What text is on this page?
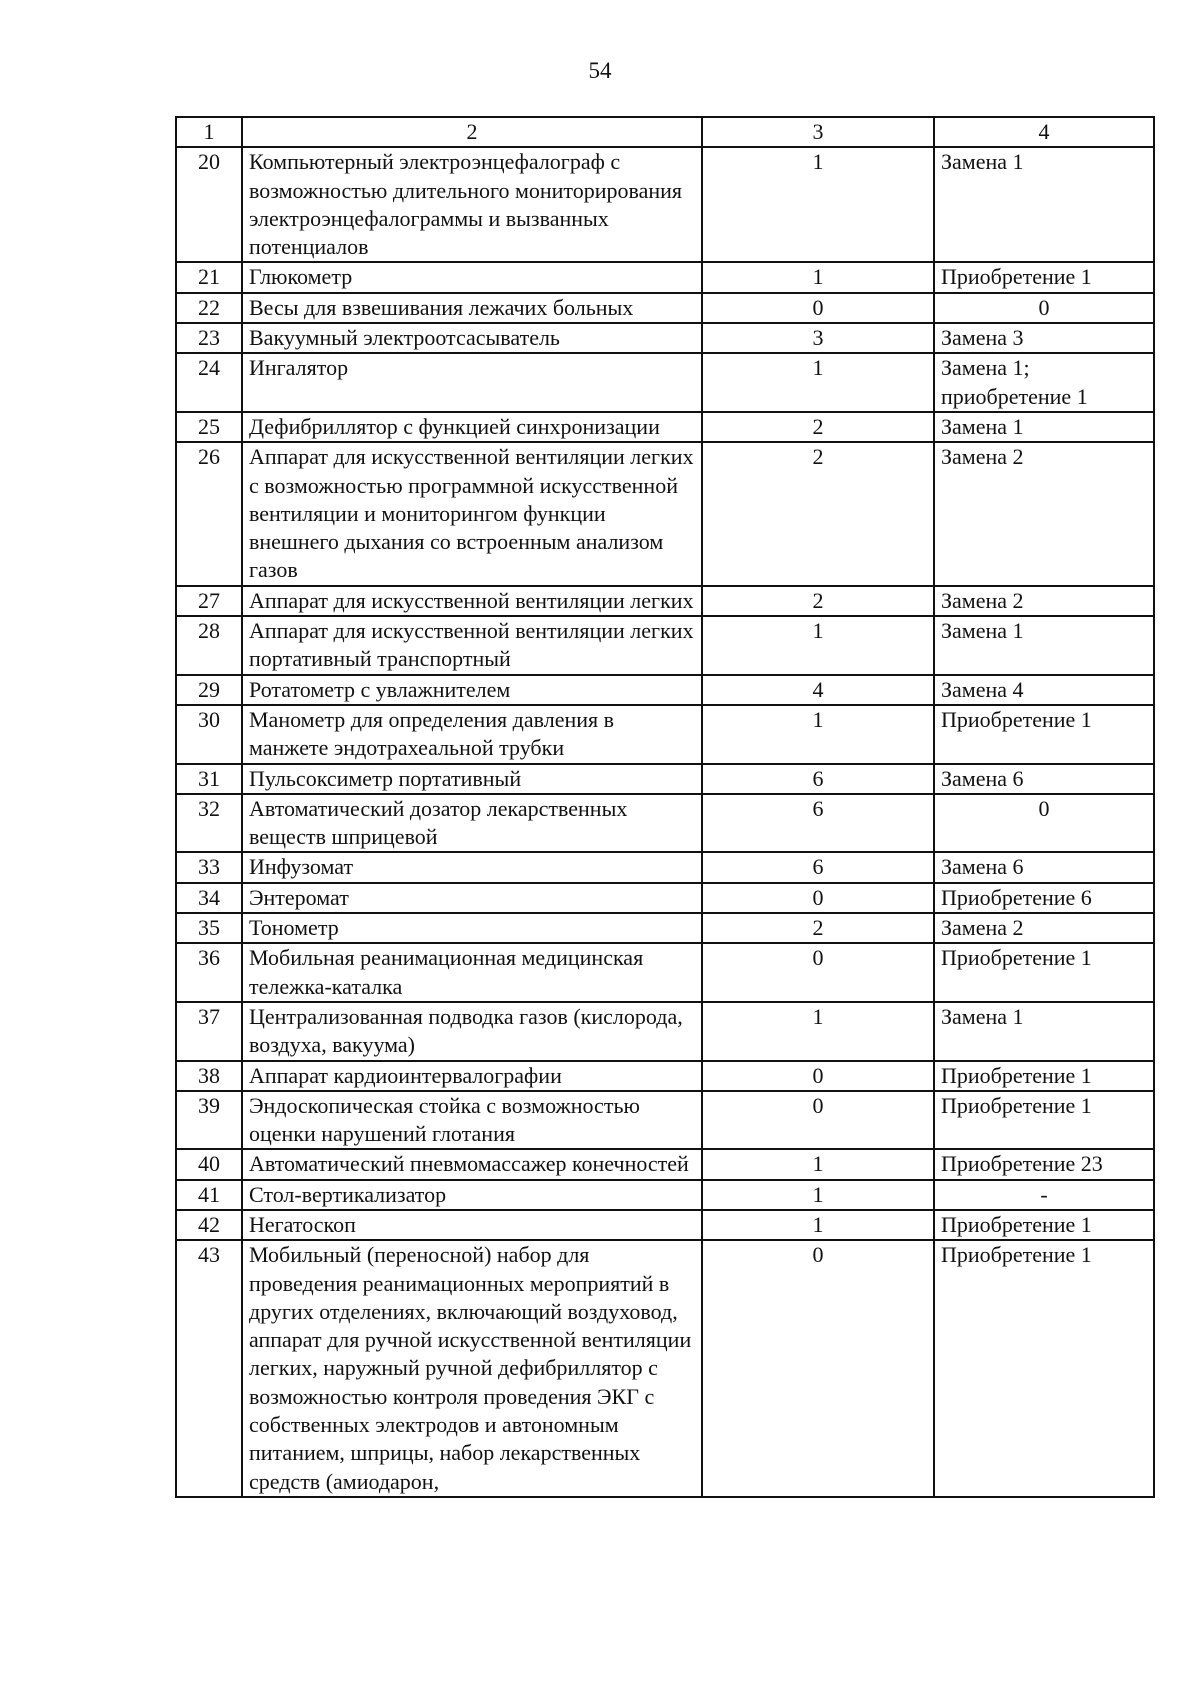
54
1	2	3	4
20	Компьютерный электроэнцефалограф с возможностью длительного мониторирования электроэнцефалограммы и вызванных потенциалов	1	Замена 1
21	Глюкометр	1	Приобретение 1
22	Весы для взвешивания лежачих больных	0	0
23	Вакуумный электроотсасыватель	3	Замена 3
24	Ингалятор	1	Замена 1; приобретение 1
25	Дефибриллятор с функцией синхронизации	2	Замена 1
26	Аппарат для искусственной вентиляции легких с возможностью программной искусственной вентиляции и мониторингом функции внешнего дыхания со встроенным анализом газов	2	Замена 2
27	Аппарат для искусственной вентиляции легких	2	Замена 2
28	Аппарат для искусственной вентиляции легких портативный транспортный	1	Замена 1
29	Ротатометр с увлажнителем	4	Замена 4
30	Манометр для определения давления в манжете эндотрахеальной трубки	1	Приобретение 1
31	Пульсоксиметр портативный	6	Замена 6
32	Автоматический дозатор лекарственных веществ шприцевой	6	0
33	Инфузомат	6	Замена 6
34	Энтеромат	0	Приобретение 6
35	Тонометр	2	Замена 2
36	Мобильная реанимационная медицинская тележка-каталка	0	Приобретение 1
37	Централизованная подводка газов (кислорода, воздуха, вакуума)	1	Замена 1
38	Аппарат кардиоинтервалографии	0	Приобретение 1
39	Эндоскопическая стойка с возможностью оценки нарушений глотания	0	Приобретение 1
40	Автоматический пневмомассажер конечностей	1	Приобретение 23
41	Стол-вертикализатор	1	-
42	Негатоскоп	1	Приобретение 1
43	Мобильный (переносной) набор для проведения реанимационных мероприятий в других отделениях, включающий воздуховод, аппарат для ручной искусственной вентиляции легких, наружный ручной дефибриллятор с возможностью контроля проведения ЭКГ с собственных электродов и автономным питанием, шприцы, набор лекарственных средств (амиодарон,	0	Приобретение 1
